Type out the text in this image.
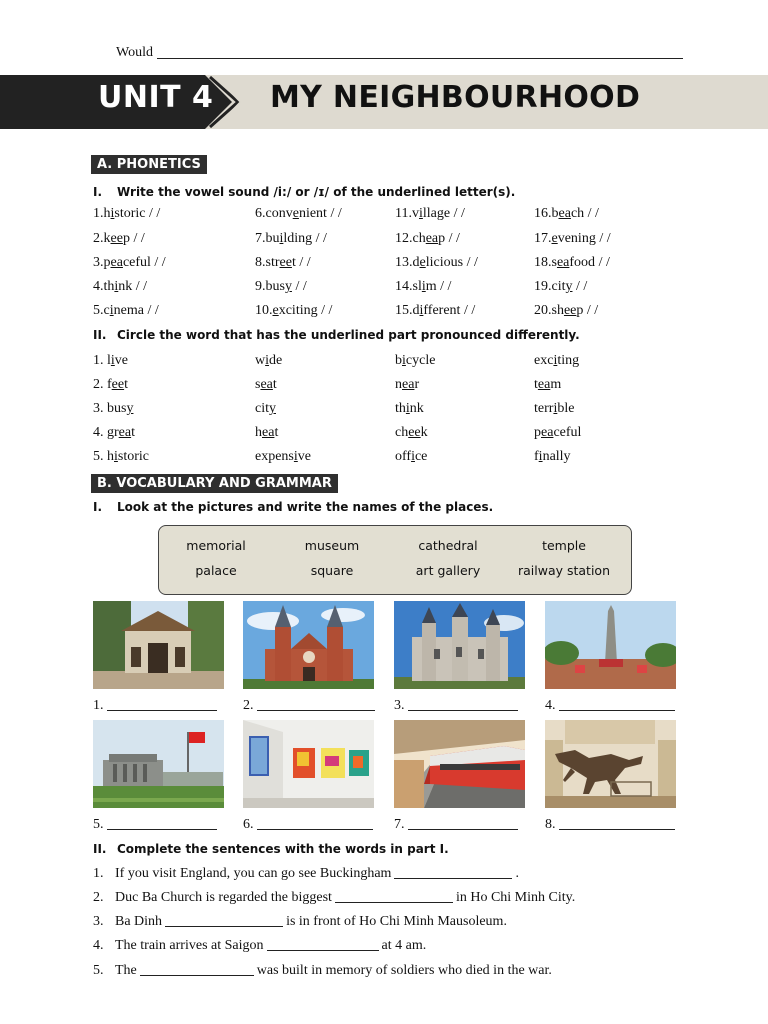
Would
UNIT 4 MY NEIGHBOURHOOD
A. PHONETICS
I. Write the vowel sound /i:/ or /ɪ/ of the underlined letter(s).
1.historic / /
2.keep / /
3.peaceful / /
4.think / /
5.cinema / /
6.convenient / /
7.building / /
8.street / /
9.busy / /
10.exciting / /
11.village / /
12.cheap / /
13.delicious / /
14.slim / /
15.different / /
16.beach / /
17.evening / /
18.seafood / /
19.city / /
20.sheep / /
II. Circle the word that has the underlined part pronounced differently.
1. live	wide	bicycle	exciting
2. feet	seat	near	team
3. busy	city	think	terrible
4. great	heat	cheek	peaceful
5. historic	expensive	office	finally
B. VOCABULARY AND GRAMMAR
I. Look at the pictures and write the names of the places.
memorial	museum	cathedral	temple
palace	square	art gallery	railway station
1.	2.	3.	4.
5.	6.	7.	8.
II. Complete the sentences with the words in part I.
1. If you visit England, you can go see Buckingham	.
2. Duc Ba Church is regarded the biggest	in Ho Chi Minh City.
3. Ba Dinh	is in front of Ho Chi Minh Mausoleum.
4. The train arrives at Saigon	at 4 am.
5. The	was built in memory of soldiers who died in the war.
